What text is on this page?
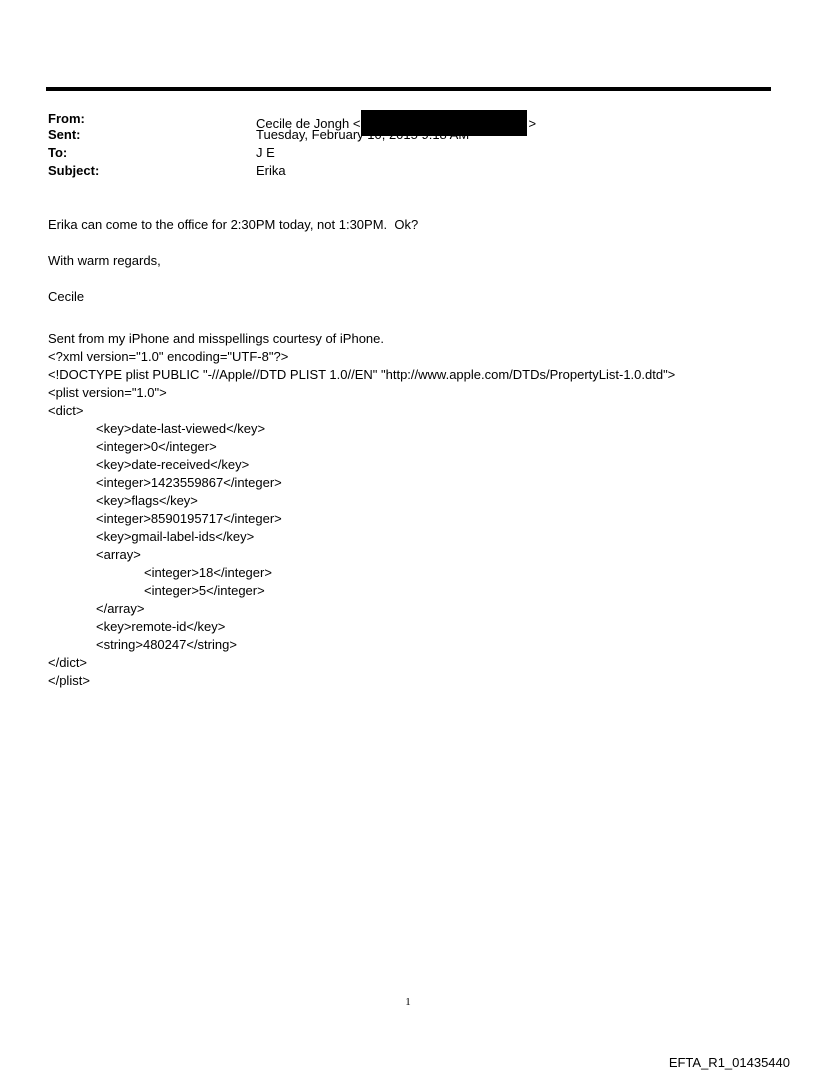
From:	Cecile de Jongh <	>
Sent:	Tuesday, February 10, 2015 9:18 AM
To:	J E
Subject:	Erika
Erika can come to the office for 2:30PM today, not 1:30PM.  Ok?
With warm regards,
Cecile
Sent from my iPhone and misspellings courtesy of iPhone.
<?xml version="1.0" encoding="UTF-8"?>
<!DOCTYPE plist PUBLIC "-//Apple//DTD PLIST 1.0//EN" "http://www.apple.com/DTDs/PropertyList-1.0.dtd">
<plist version="1.0">
<dict>
<key>date-last-viewed</key>
<integer>0</integer>
<key>date-received</key>
<integer>1423559867</integer>
<key>flags</key>
<integer>8590195717</integer>
<key>gmail-label-ids</key>
<array>
<integer>18</integer>
<integer>5</integer>
</array>
<key>remote-id</key>
<string>480247</string>
</dict>
</plist>
1
EFTA_R1_01435440
